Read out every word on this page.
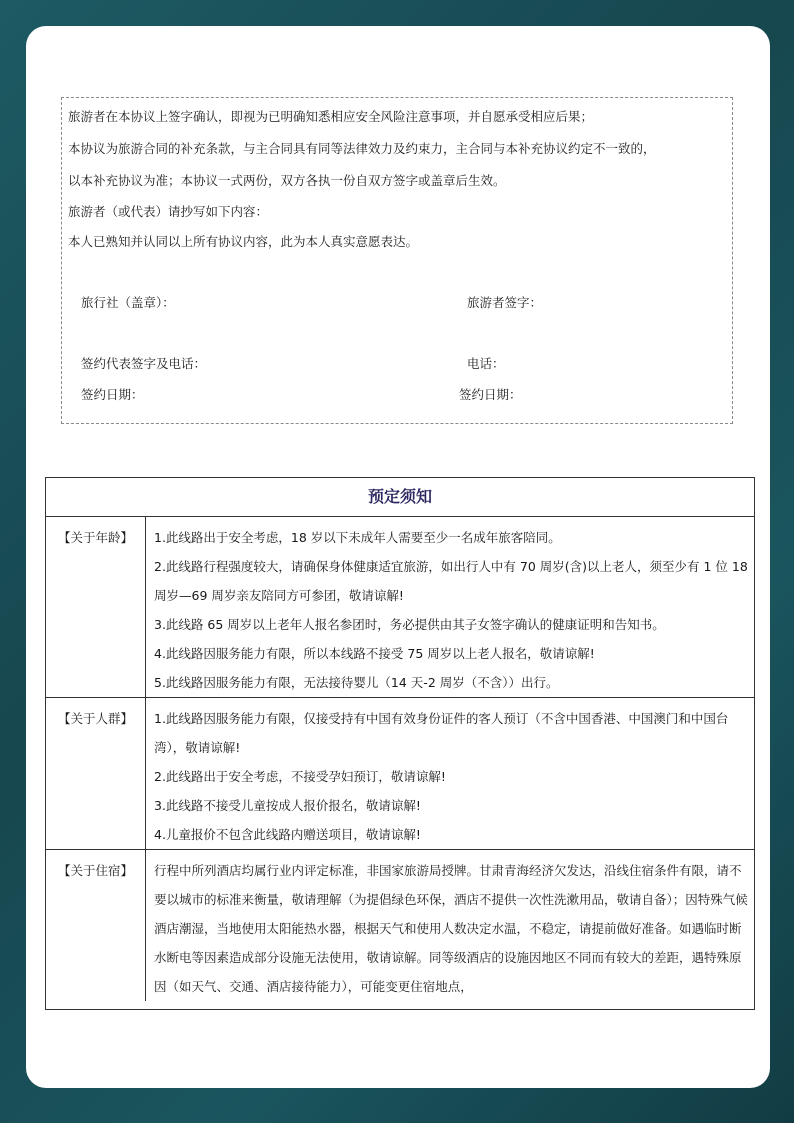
旅游者在本协议上签字确认，即视为已明确知悉相应安全风险注意事项，并自愿承受相应后果；
本协议为旅游合同的补充条款，与主合同具有同等法律效力及约束力，主合同与本补充协议约定不一致的，
以本补充协议为准；本协议一式两份，双方各执一份自双方签字或盖章后生效。
旅游者（或代表）请抄写如下内容：
本人已熟知并认同以上所有协议内容，此为本人真实意愿表达。
旅行社（盖章）：	旅游者签字：
签约代表签字及电话：	电话：
签约日期：	签约日期：
预定须知
【关于年龄】	1.此线路出于安全考虑，18 岁以下未成年人需要至少一名成年旅客陪同。
2.此线路行程强度较大，请确保身体健康适宜旅游，如出行人中有 70 周岁(含)以上老人，须至少有 1 位 18 周岁—69 周岁亲友陪同方可参团，敬请谅解!
3.此线路 65 周岁以上老年人报名参团时，务必提供由其子女签字确认的健康证明和告知书。
4.此线路因服务能力有限，所以本线路不接受 75 周岁以上老人报名，敬请谅解!
5.此线路因服务能力有限，无法接待婴儿（14 天-2 周岁（不含））出行。

【关于人群】	1.此线路因服务能力有限，仅接受持有中国有效身份证件的客人预订（不含中国香港、中国澳门和中国台湾），敬请谅解!
2.此线路出于安全考虑，不接受孕妇预订，敬请谅解!
3.此线路不接受儿童按成人报价报名，敬请谅解!
4.儿童报价不包含此线路内赠送项目，敬请谅解!

【关于住宿】	行程中所列酒店均属行业内评定标准，非国家旅游局授牌。甘肃青海经济欠发达，沿线住宿条件有限，请不要以城市的标准来衡量，敬请理解（为提倡绿色环保，酒店不提供一次性洗漱用品，敬请自备）；因特殊气候酒店潮湿，当地使用太阳能热水器，根据天气和使用人数决定水温，不稳定，请提前做好准备。如遇临时断水断电等因素造成部分设施无法使用，敬请谅解。同等级酒店的设施因地区不同而有较大的差距，遇特殊原因（如天气、交通、酒店接待能力），可能变更住宿地点，
